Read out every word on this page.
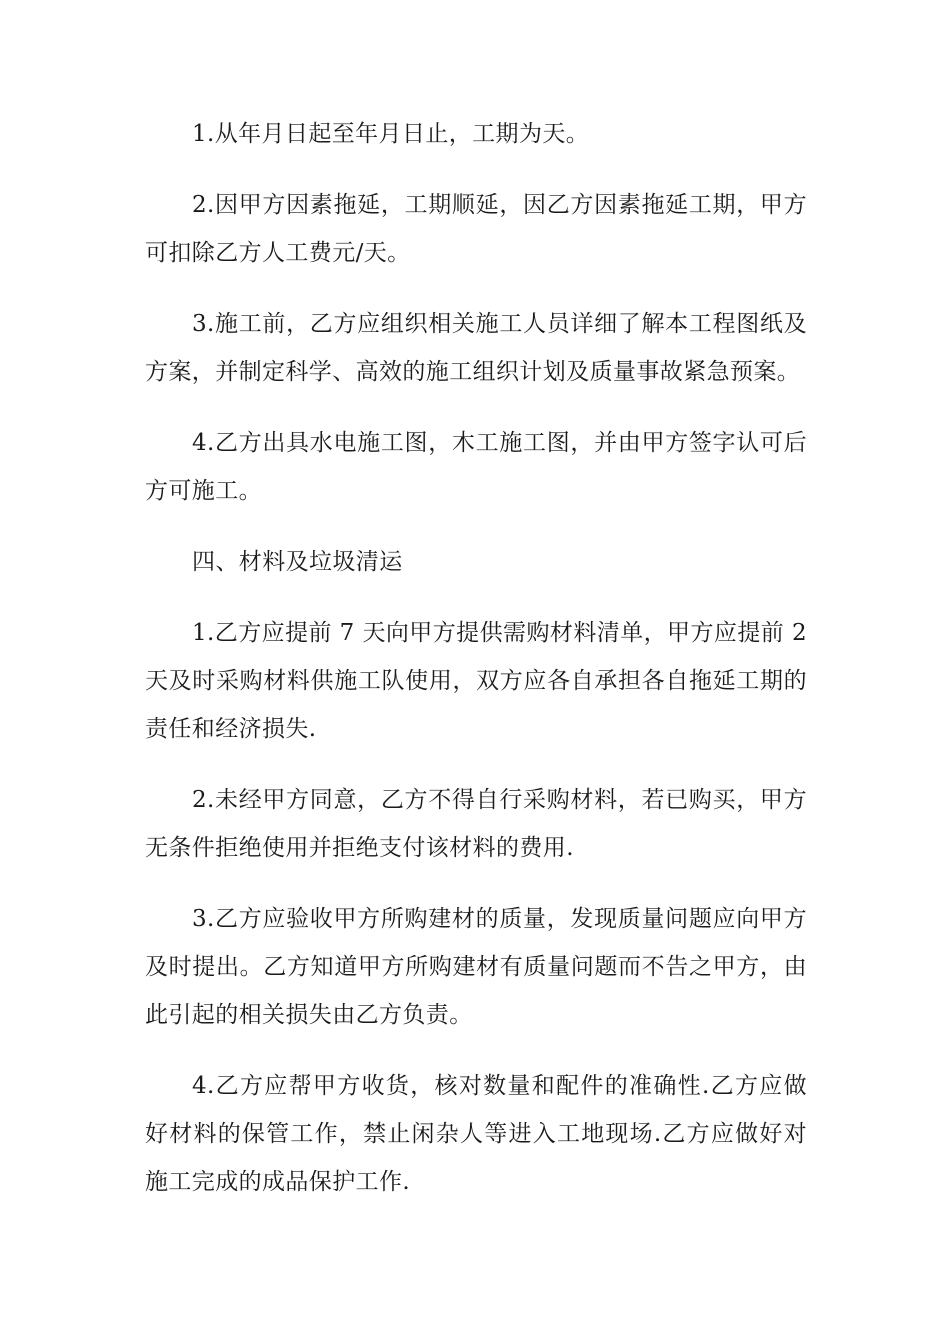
1.从年月日起至年月日止，工期为天。

2.因甲方因素拖延，工期顺延，因乙方因素拖延工期，甲方可扣除乙方人工费元/天。

3.施工前，乙方应组织相关施工人员详细了解本工程图纸及方案，并制定科学、高效的施工组织计划及质量事故紧急预案。

4.乙方出具水电施工图，木工施工图，并由甲方签字认可后方可施工。

四、材料及垃圾清运

1.乙方应提前 7 天向甲方提供需购材料清单，甲方应提前 2 天及时采购材料供施工队使用，双方应各自承担各自拖延工期的责任和经济损失.

2.未经甲方同意，乙方不得自行采购材料，若已购买，甲方无条件拒绝使用并拒绝支付该材料的费用.

3.乙方应验收甲方所购建材的质量，发现质量问题应向甲方及时提出。乙方知道甲方所购建材有质量问题而不告之甲方，由此引起的相关损失由乙方负责。

4.乙方应帮甲方收货，核对数量和配件的准确性.乙方应做好材料的保管工作，禁止闲杂人等进入工地现场.乙方应做好对施工完成的成品保护工作.
